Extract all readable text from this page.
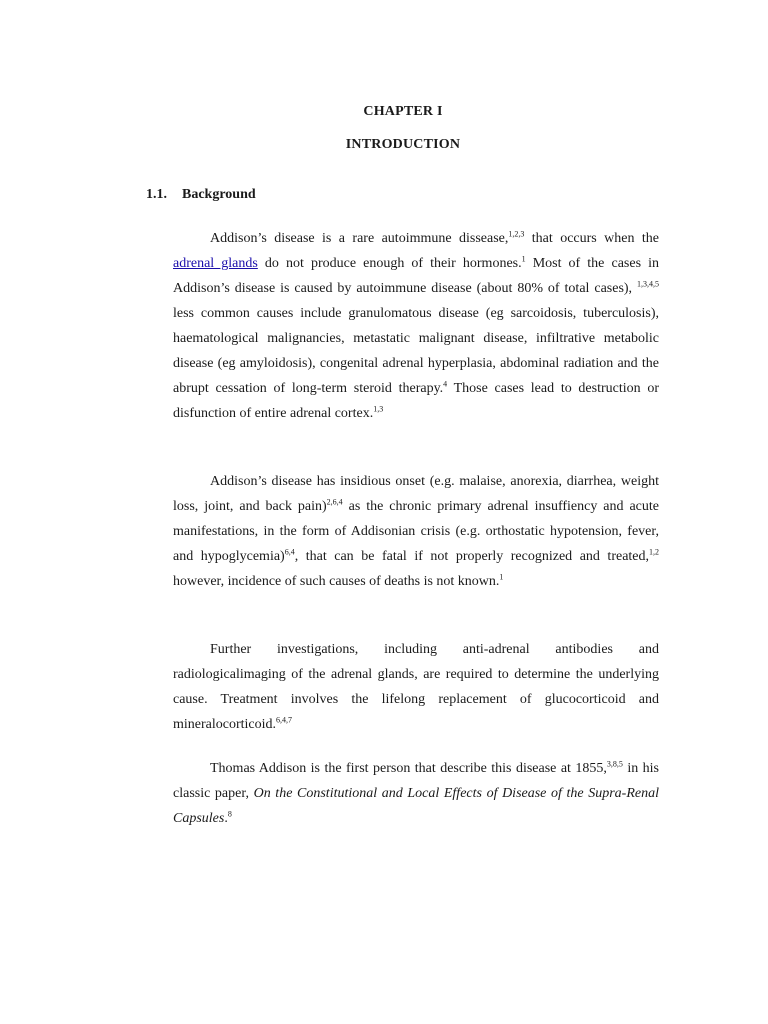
CHAPTER I
INTRODUCTION
1.1. Background

Addison’s disease is a rare autoimmune dissease,$^{1,2,3}$ that occurs when the adrenal glands do not produce enough of their hormones.$^1$ Most of the cases in Addison’s disease is caused by autoimmune disease (about 80% of total cases), $^{1,3,4,5}$ less common causes include granulomatous disease (eg sarcoidosis, tuberculosis), haematological malignancies, metastatic malignant disease, infiltrative metabolic disease (eg amyloidosis), congenital adrenal hyperplasia, abdominal radiation and the abrupt cessation of long-term steroid therapy.$^4$ Those cases lead to destruction or disfunction of entire adrenal cortex.$^{1,3}$

Addison’s disease has insidious onset (e.g. malaise, anorexia, diarrhea, weight loss, joint, and back pain)$^{2,6,4}$ as the chronic primary adrenal insuffiency and acute manifestations, in the form of Addisonian crisis (e.g. orthostatic hypotension, fever, and hypoglycemia)$^{6,4}$, that can be fatal if not properly recognized and treated,$^{1,2}$ however, incidence of such causes of deaths is not known.$^1$

Further investigations, including anti-adrenal antibodies and radiologicalimaging of the adrenal glands, are required to determine the underlying cause. Treatment involves the lifelong replacement of glucocorticoid and mineralocorticoid.$^{6,4,7}$

Thomas Addison is the first person that describe this disease at 1855,$^{3,8,5}$ in his classic paper, On the Constitutional and Local Effects of Disease of the Supra-Renal Capsules.$^8$
